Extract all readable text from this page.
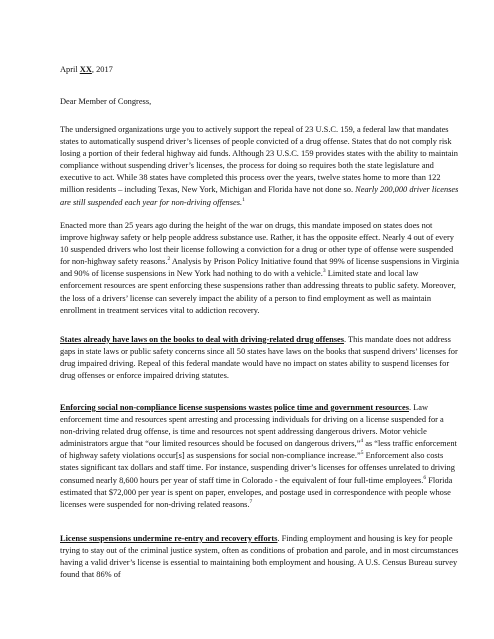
April XX, 2017

Dear Member of Congress,

The undersigned organizations urge you to actively support the repeal of 23 U.S.C. 159, a federal law that mandates states to automatically suspend driver’s licenses of people convicted of a drug offense. States that do not comply risk losing a portion of their federal highway aid funds. Although 23 U.S.C. 159 provides states with the ability to maintain compliance without suspending driver’s licenses, the process for doing so requires both the state legislature and executive to act. While 38 states have completed this process over the years, twelve states home to more than 122 million residents – including Texas, New York, Michigan and Florida have not done so. Nearly 200,000 driver licenses are still suspended each year for non-driving offenses.$^1$

Enacted more than 25 years ago during the height of the war on drugs, this mandate imposed on states does not improve highway safety or help people address substance use. Rather, it has the opposite effect. Nearly 4 out of every 10 suspended drivers who lost their license following a conviction for a drug or other type of offense were suspended for non-highway safety reasons.$^2$ Analysis by Prison Policy Initiative found that 99% of license suspensions in Virginia and 90% of license suspensions in New York had nothing to do with a vehicle.$^3$ Limited state and local law enforcement resources are spent enforcing these suspensions rather than addressing threats to public safety. Moreover, the loss of a drivers’ license can severely impact the ability of a person to find employment as well as maintain enrollment in treatment services vital to addiction recovery.

States already have laws on the books to deal with driving-related drug offenses. This mandate does not address gaps in state laws or public safety concerns since all 50 states have laws on the books that suspend drivers’ licenses for drug impaired driving. Repeal of this federal mandate would have no impact on states ability to suspend licenses for drug offenses or enforce impaired driving statutes.

Enforcing social non-compliance license suspensions wastes police time and government resources. Law enforcement time and resources spent arresting and processing individuals for driving on a license suspended for a non-driving related drug offense, is time and resources not spent addressing dangerous drivers. Motor vehicle administrators argue that “our limited resources should be focused on dangerous drivers,”$^4$ as “less traffic enforcement of highway safety violations occur[s] as suspensions for social non-compliance increase.”$^5$ Enforcement also costs states significant tax dollars and staff time. For instance, suspending driver’s licenses for offenses unrelated to driving consumed nearly 8,600 hours per year of staff time in Colorado - the equivalent of four full-time employees.$^6$ Florida estimated that $72,000 per year is spent on paper, envelopes, and postage used in correspondence with people whose licenses were suspended for non-driving related reasons.$^7$

License suspensions undermine re-entry and recovery efforts. Finding employment and housing is key for people trying to stay out of the criminal justice system, often as conditions of probation and parole, and in most circumstances having a valid driver’s license is essential to maintaining both employment and housing. A U.S. Census Bureau survey found that 86% of
